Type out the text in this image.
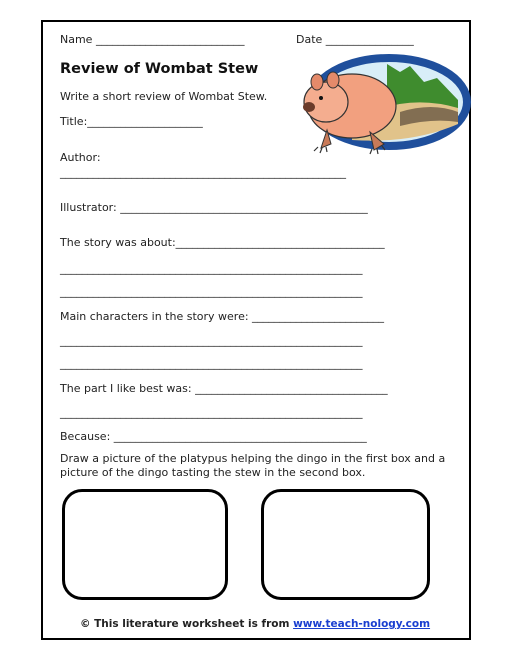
Name ___________________________	Date ________________
Review of Wombat Stew
Write a short review of Wombat Stew.
Title:_____________________
Author:
____________________________________________________
Illustrator: _____________________________________________
The story was about:______________________________________
_______________________________________________________
_______________________________________________________
Main characters in the story were: ________________________
_______________________________________________________
_______________________________________________________
The part I like best was: ___________________________________
_______________________________________________________
Because: ______________________________________________
Draw a picture of the platypus helping the dingo in the first box and a picture of the dingo tasting the stew in the second box.
© This literature worksheet is from www.teach-nology.com
